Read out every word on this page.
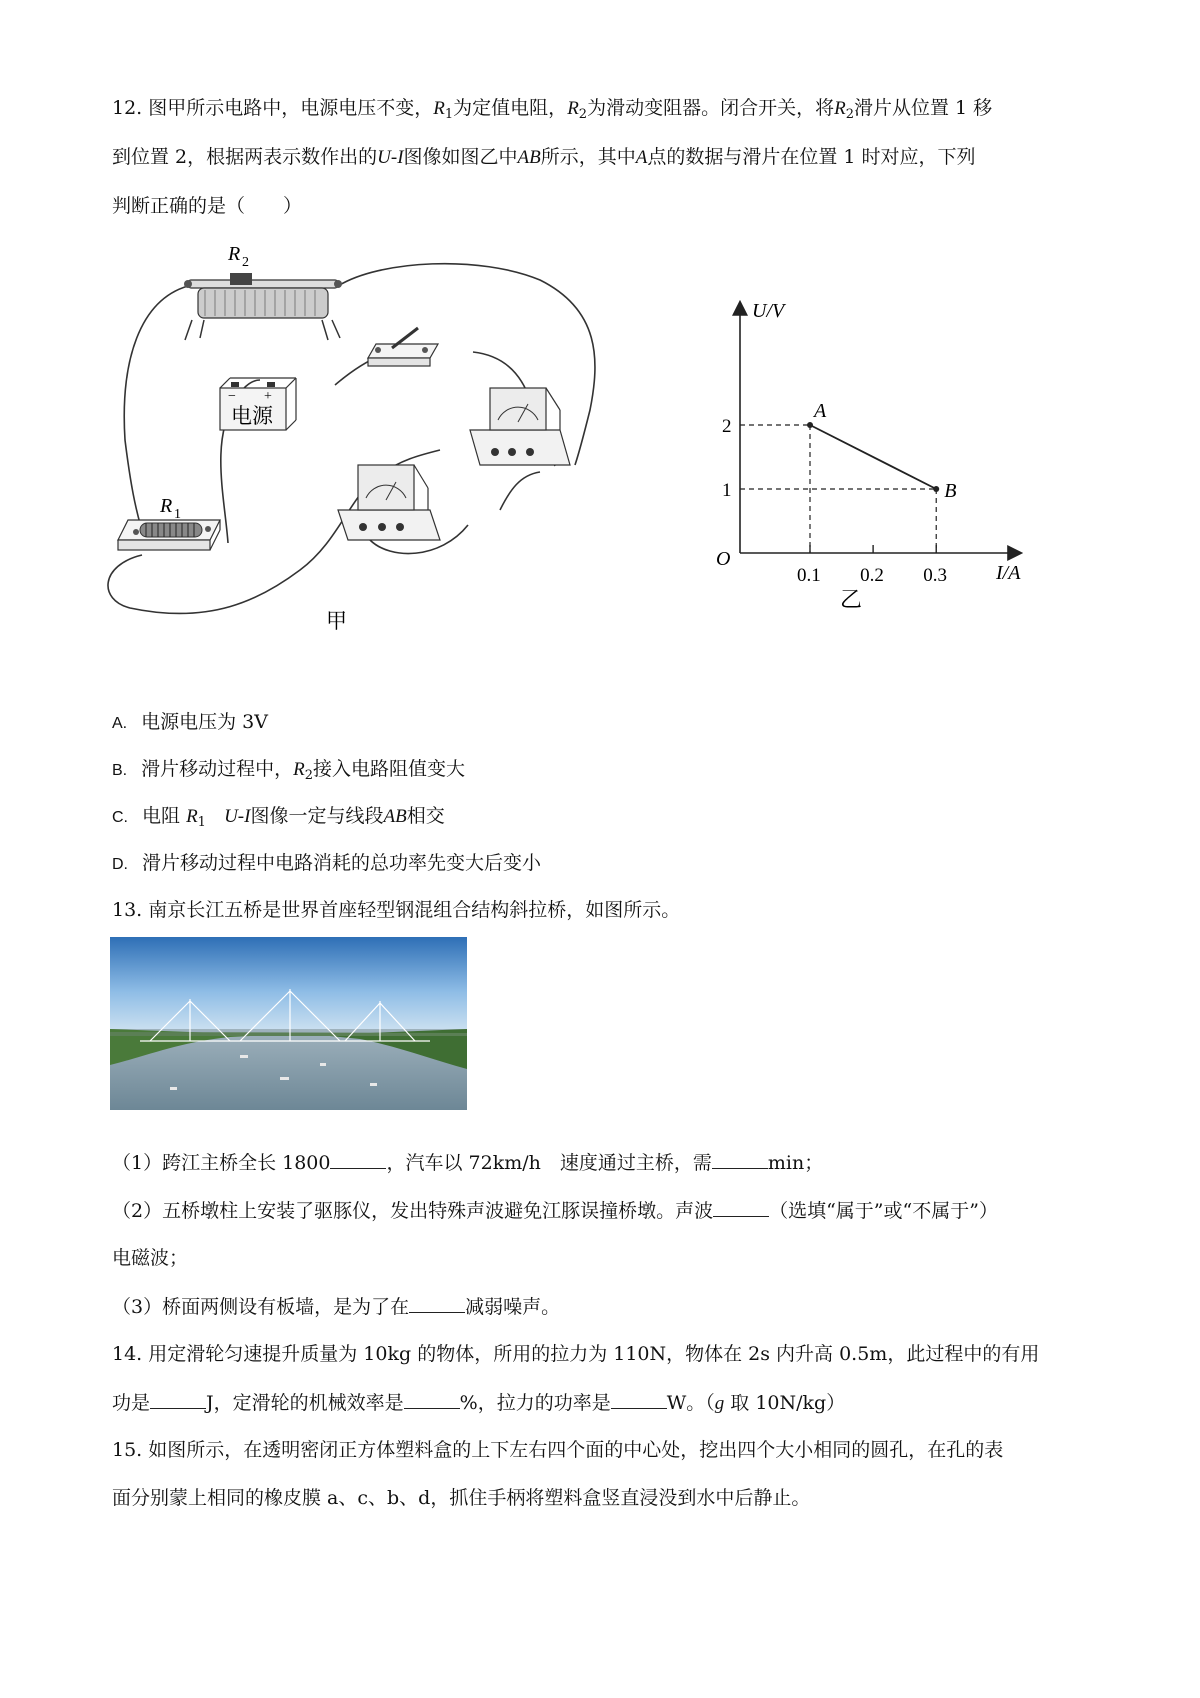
12. 图甲所示电路中，电源电压不变，$R_1$为定值电阻，$R_2$为滑动变阻器。闭合开关，将$R_2$滑片从位置 1 移
到位置 2，根据两表示数作出的U-I图像如图乙中AB所示，其中A点的数据与滑片在位置 1 时对应，下列
判断正确的是（　　）
R 2
− +
电源
R 1
甲
0.1 0.2 0.3
1
2
A
B
U/V
I/A
O
乙
A. 电源电压为 3V
B. 滑片移动过程中，$R_2$接入电路阻值变大
C. 电阻 $R_1$ U-I图像一定与线段AB相交
D. 滑片移动过程中电路消耗的总功率先变大后变小
13. 南京长江五桥是世界首座轻型钢混组合结构斜拉桥，如图所示。
（1）跨江主桥全长 1800	，汽车以 72km/h　速度通过主桥，需	min；
（2）五桥墩柱上安装了驱豚仪，发出特殊声波避免江豚误撞桥墩。声波	（选填“属于”或“不属于”）
电磁波；
（3）桥面两侧设有板墙，是为了在	减弱噪声。
14. 用定滑轮匀速提升质量为 10kg 的物体，所用的拉力为 110N，物体在 2s 内升高 0.5m，此过程中的有用
功是	J，定滑轮的机械效率是	%，拉力的功率是	W。（g 取 10N/kg）
15. 如图所示，在透明密闭正方体塑料盒的上下左右四个面的中心处，挖出四个大小相同的圆孔，在孔的表
面分别蒙上相同的橡皮膜 a、c、b、d，抓住手柄将塑料盒竖直浸没到水中后静止。
